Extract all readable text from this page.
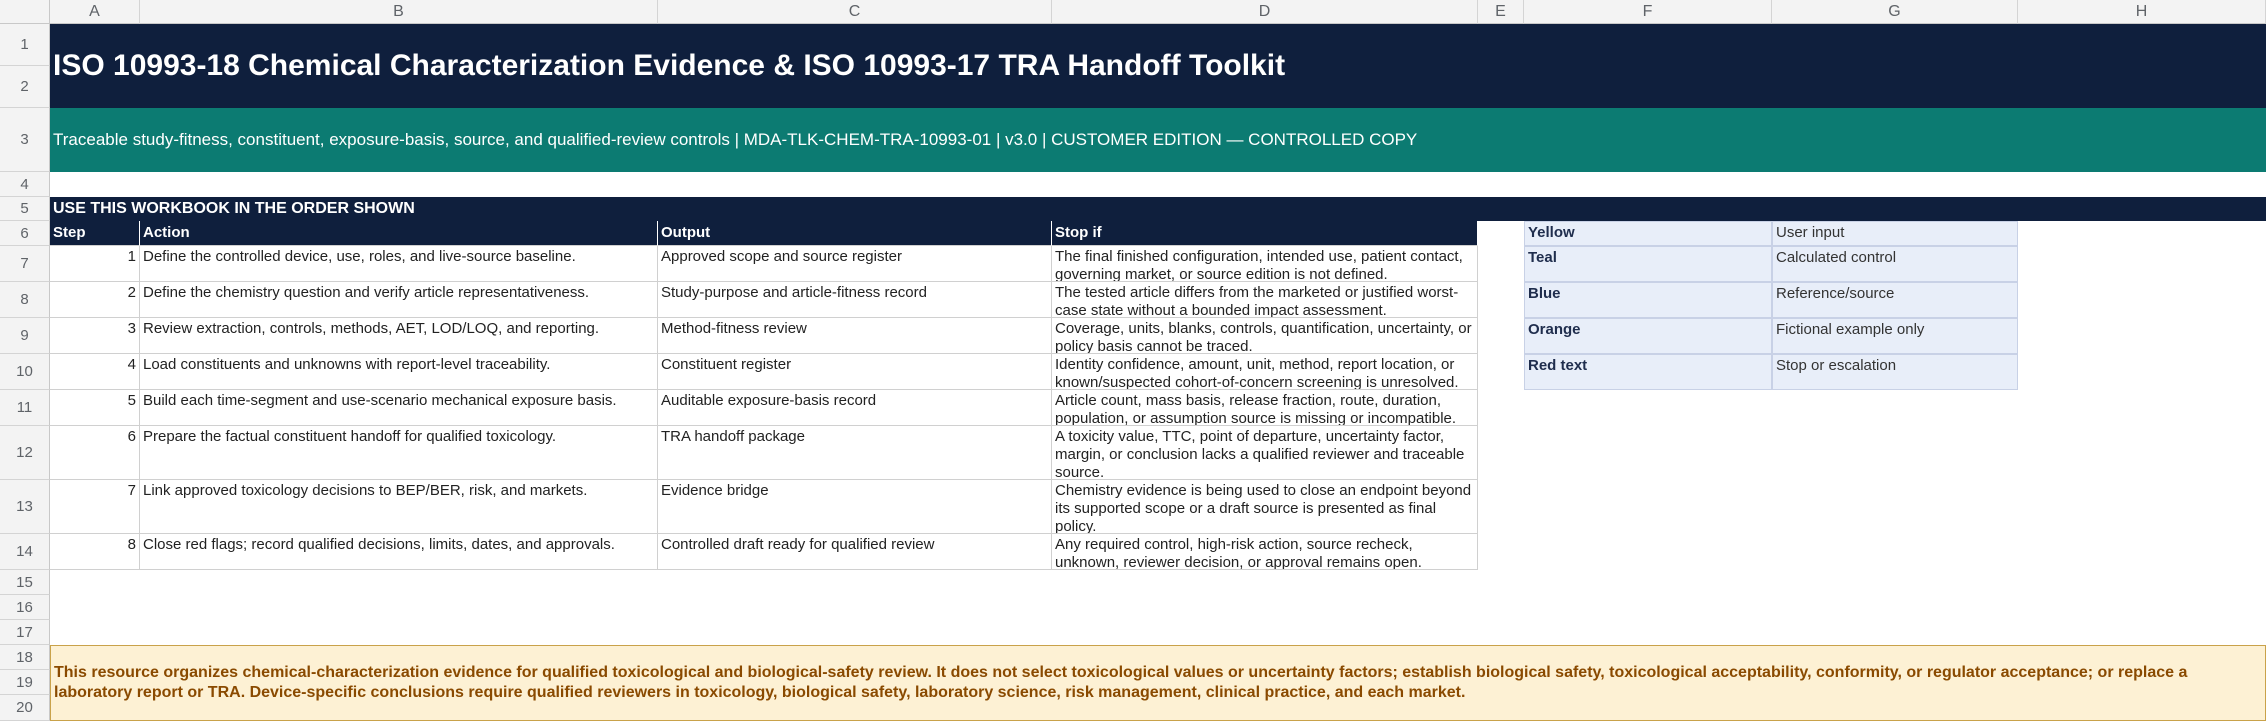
A	B	C	D	E	F	G	H
1
2
3
4
5
6
7
8
9
10
11
12
13
14
15
16
17
18
19
20
ISO 10993-18 Chemical Characterization Evidence & ISO 10993-17 TRA Handoff Toolkit
Traceable study-fitness, constituent, exposure-basis, source, and qualified-review controls | MDA-TLK-CHEM-TRA-10993-01 | v3.0 | CUSTOMER EDITION — CONTROLLED COPY
USE THIS WORKBOOK IN THE ORDER SHOWN
Step	Action	Output	Stop if
1 Define the controlled device, use, roles, and live-source baseline.	Approved scope and source register	The final finished configuration, intended use, patient contact, governing market, or source edition is not defined.
2 Define the chemistry question and verify article representativeness.	Study-purpose and article-fitness record	The tested article differs from the marketed or justified worst-case state without a bounded impact assessment.
3 Review extraction, controls, methods, AET, LOD/LOQ, and reporting.	Method-fitness review	Coverage, units, blanks, controls, quantification, uncertainty, or policy basis cannot be traced.
4 Load constituents and unknowns with report-level traceability.	Constituent register	Identity confidence, amount, unit, method, report location, or known/suspected cohort-of-concern screening is unresolved.
5 Build each time-segment and use-scenario mechanical exposure basis.	Auditable exposure-basis record	Article count, mass basis, release fraction, route, duration, population, or assumption source is missing or incompatible.
6 Prepare the factual constituent handoff for qualified toxicology.	TRA handoff package	A toxicity value, TTC, point of departure, uncertainty factor, margin, or conclusion lacks a qualified reviewer and traceable source.
7 Link approved toxicology decisions to BEP/BER, risk, and markets.	Evidence bridge	Chemistry evidence is being used to close an endpoint beyond its supported scope or a draft source is presented as final policy.
8 Close red flags; record qualified decisions, limits, dates, and approvals.	Controlled draft ready for qualified review	Any required control, high-risk action, source recheck, unknown, reviewer decision, or approval remains open.
Yellow	User input
Teal	Calculated control
Blue	Reference/source
Orange	Fictional example only
Red text	Stop or escalation
This resource organizes chemical-characterization evidence for qualified toxicological and biological-safety review. It does not select toxicological values or uncertainty factors; establish biological safety, toxicological acceptability, conformity, or regulator acceptance; or replace a laboratory report or TRA. Device-specific conclusions require qualified reviewers in toxicology, biological safety, laboratory science, risk management, clinical practice, and each market.
